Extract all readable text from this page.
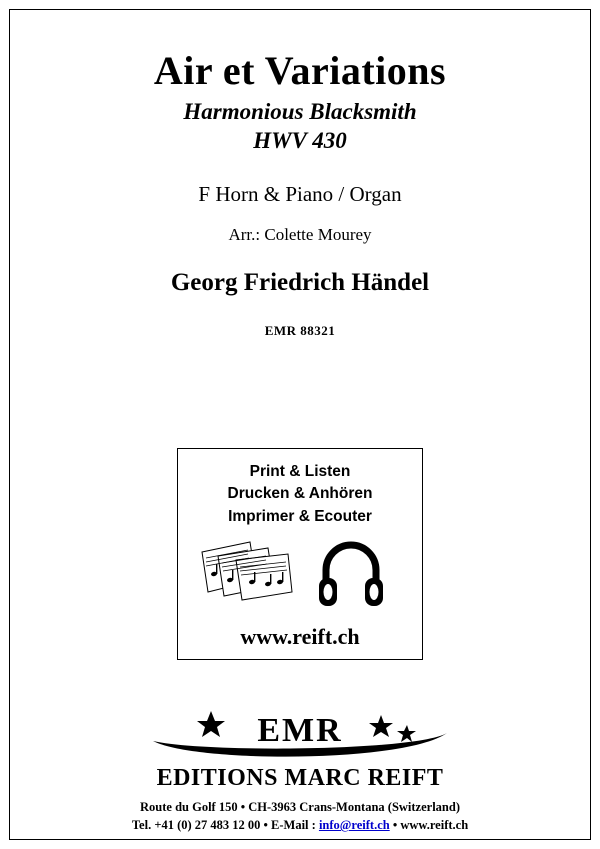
Air et Variations
Harmonious Blacksmith
HWV 430
F Horn & Piano / Organ
Arr.: Colette Mourey
Georg Friedrich Händel
EMR 88321
Print & Listen
Drucken & Anhören
Imprimer & Ecouter
www.reift.ch
EMR
EDITIONS MARC REIFT
Route du Golf 150 • CH-3963 Crans-Montana (Switzerland)
Tel. +41 (0) 27 483 12 00 • E-Mail : info@reift.ch • www.reift.ch
